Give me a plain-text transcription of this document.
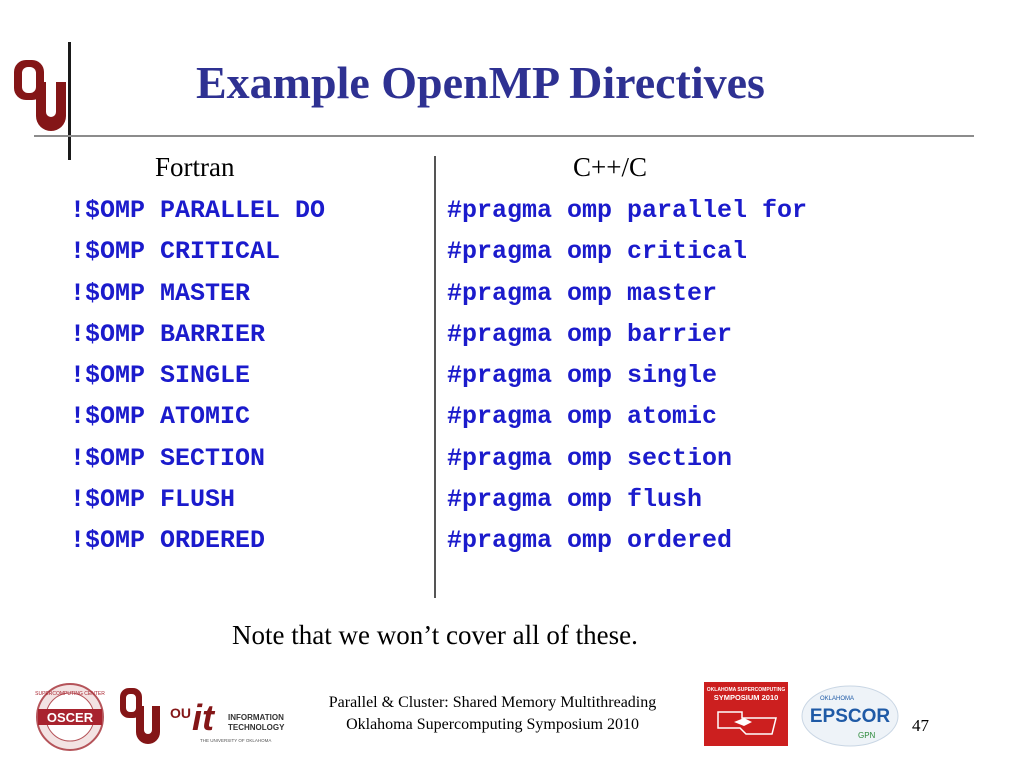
Example OpenMP Directives
Fortran	C++/C
!$OMP PARALLEL DO
!$OMP CRITICAL
!$OMP MASTER
!$OMP BARRIER
!$OMP SINGLE
!$OMP ATOMIC
!$OMP SECTION
!$OMP FLUSH
!$OMP ORDERED
#pragma omp parallel for
#pragma omp critical
#pragma omp master
#pragma omp barrier
#pragma omp single
#pragma omp atomic
#pragma omp section
#pragma omp flush
#pragma omp ordered
Note that we won’t cover all of these.
OSCER
SUPERCOMPUTING CENTER
OU it INFORMATION
TECHNOLOGY
THE UNIVERSITY OF OKLAHOMA
Parallel & Cluster: Shared Memory Multithreading
Oklahoma Supercomputing Symposium 2010
OKLAHOMA SUPERCOMPUTING
SYMPOSIUM 2010	OKLAHOMA
EPSCOR
GPN
47
